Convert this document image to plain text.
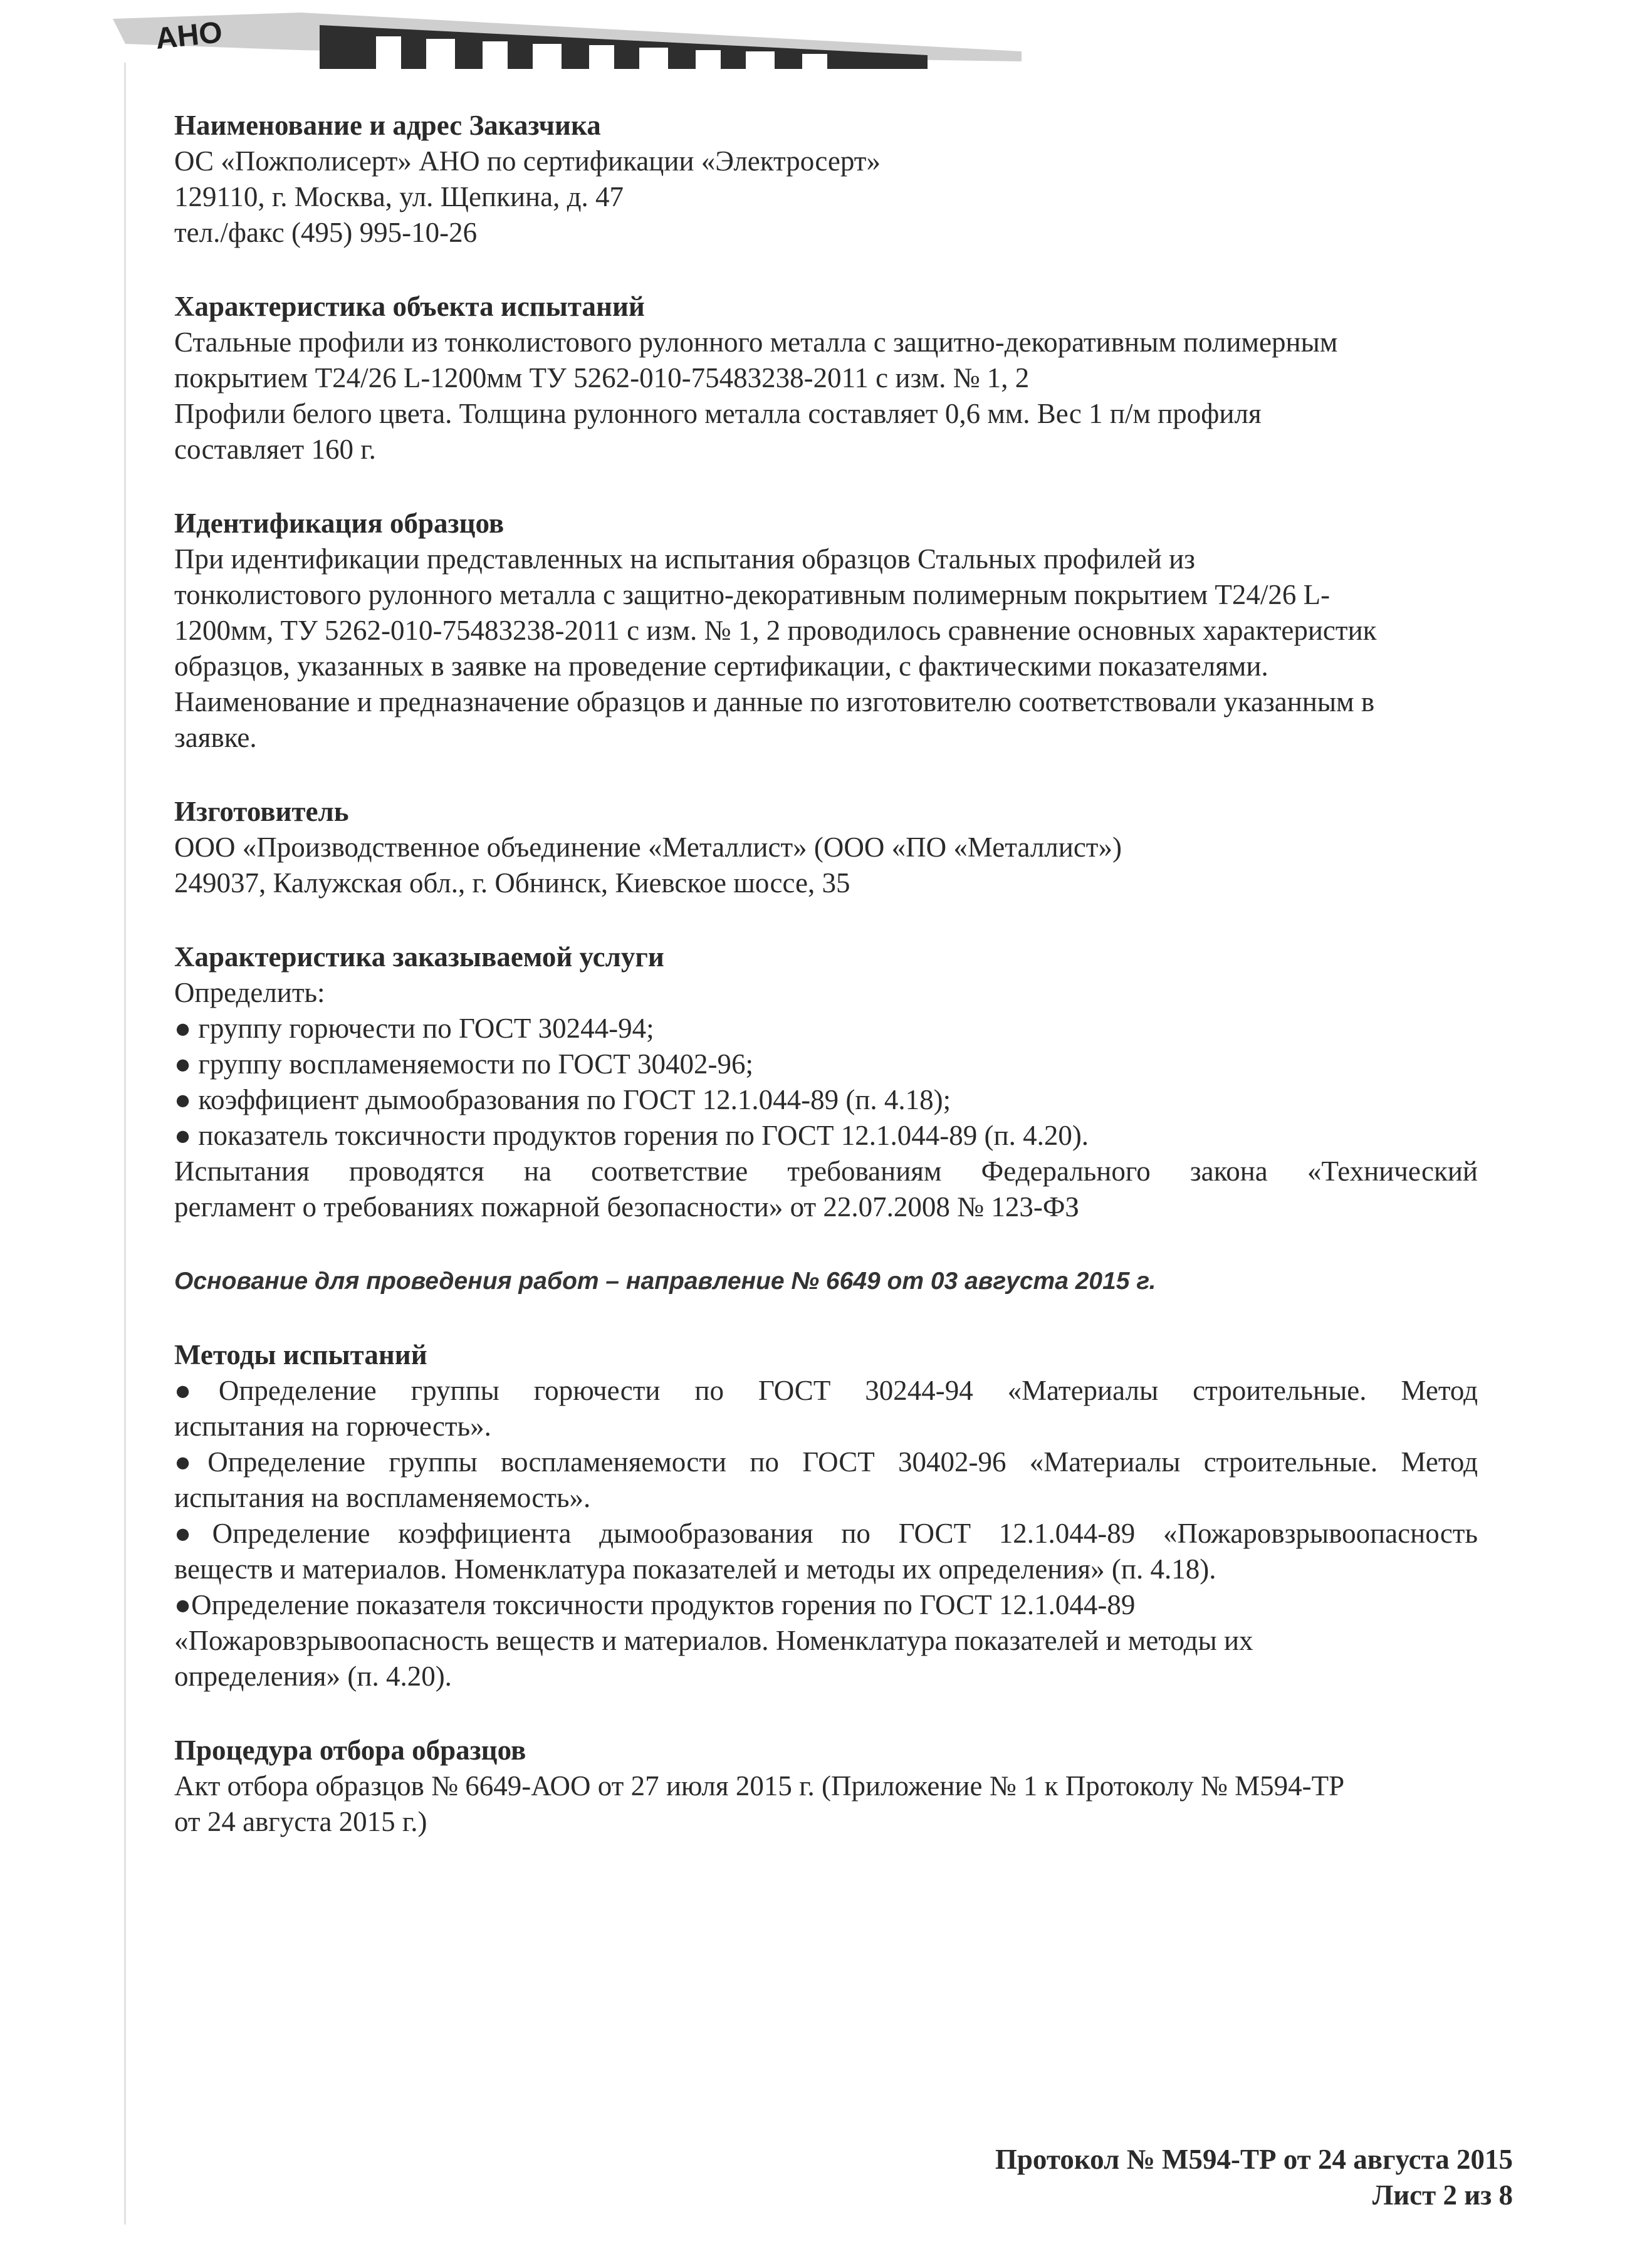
АНО

Наименование и адрес Заказчика

ОС «Пожполисерт» АНО по сертификации «Электросерт»

129110, г. Москва, ул. Щепкина, д. 47

тел./факс (495) 995-10-26

Характеристика объекта испытаний

Стальные профили из тонколистового рулонного металла с защитно-декоративным полимерным

покрытием Т24/26 L-1200мм ТУ 5262-010-75483238-2011 с изм. № 1, 2

Профили белого цвета. Толщина рулонного металла составляет 0,6 мм. Вес 1 п/м профиля

составляет 160 г.

Идентификация образцов

При идентификации представленных на испытания образцов Стальных профилей из

тонколистового рулонного металла с защитно-декоративным полимерным покрытием Т24/26 L-

1200мм, ТУ 5262-010-75483238-2011 с изм. № 1, 2 проводилось сравнение основных характеристик

образцов, указанных в заявке на проведение сертификации, с фактическими показателями.

Наименование и предназначение образцов и данные по изготовителю соответствовали указанным в

заявке.

Изготовитель

ООО «Производственное объединение «Металлист» (ООО «ПО «Металлист»)

249037, Калужская обл., г. Обнинск, Киевское шоссе, 35

Характеристика заказываемой услуги

Определить:

● группу горючести по ГОСТ 30244-94;

● группу воспламеняемости по ГОСТ 30402-96;

● коэффициент дымообразования по ГОСТ 12.1.044-89 (п. 4.18);

● показатель токсичности продуктов горения по ГОСТ 12.1.044-89 (п. 4.20).

Испытания проводятся на соответствие требованиям Федерального закона «Технический

регламент о требованиях пожарной безопасности» от 22.07.2008 № 123-ФЗ

Основание для проведения работ – направление № 6649 от 03 августа 2015 г.

Методы испытаний

●Определение группы горючести по ГОСТ 30244-94 «Материалы строительные. Метод

испытания на горючесть».

●Определение группы воспламеняемости по ГОСТ 30402-96 «Материалы строительные. Метод

испытания на воспламеняемость».

●Определение коэффициента дымообразования по ГОСТ 12.1.044-89 «Пожаровзрывоопасность

веществ и материалов. Номенклатура показателей и методы их определения» (п. 4.18).

●Определение показателя токсичности продуктов горения по ГОСТ 12.1.044-89

«Пожаровзрывоопасность веществ и материалов. Номенклатура показателей и методы их

определения» (п. 4.20).

Процедура отбора образцов

Акт отбора образцов № 6649-АОО от 27 июля 2015 г. (Приложение № 1 к Протоколу № М594-ТР

от 24 августа 2015 г.)

Протокол № М594-ТР от 24 августа 2015
Лист 2 из 8
